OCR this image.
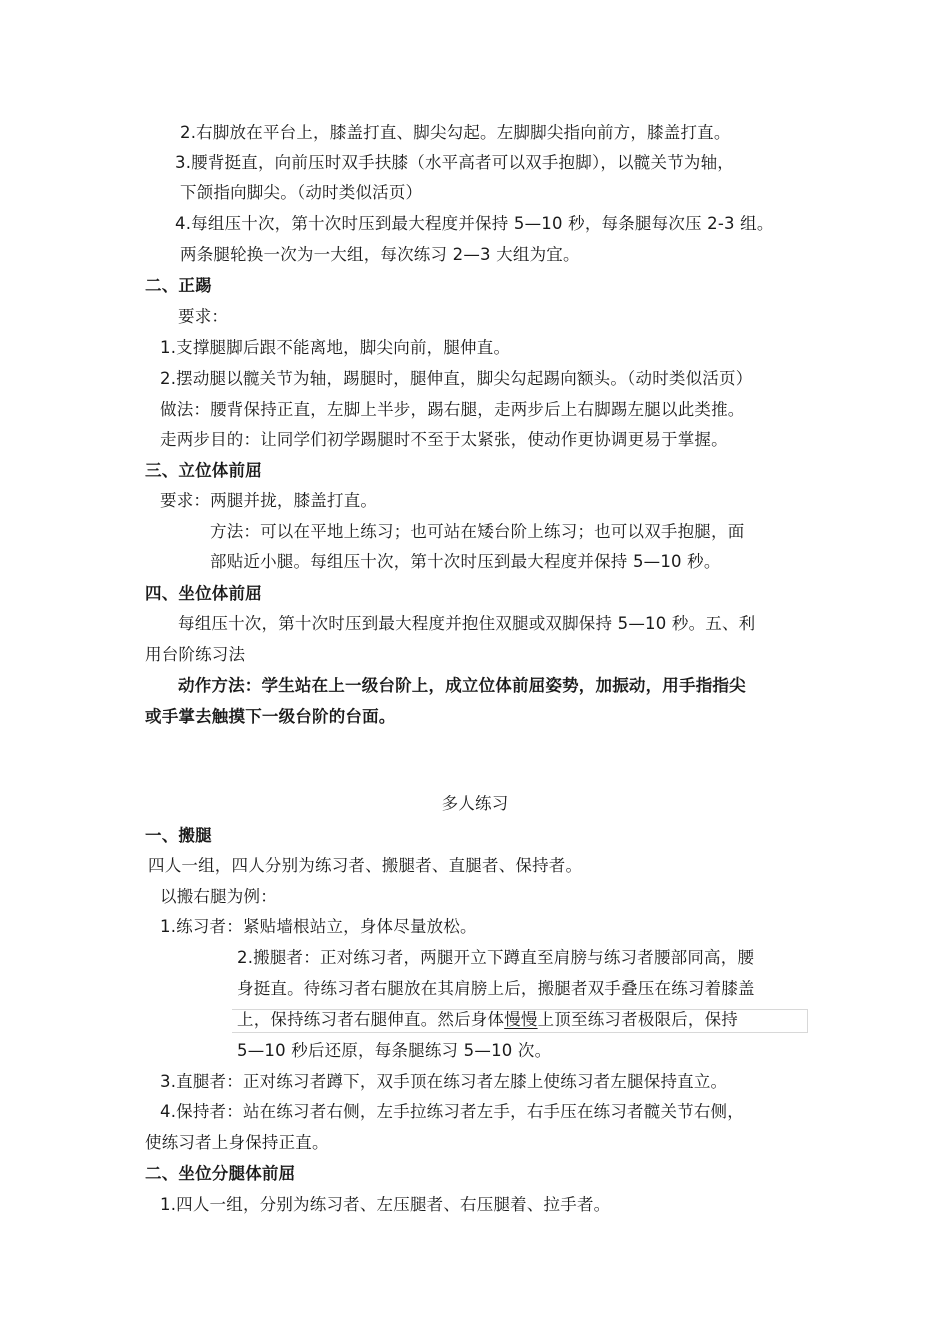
2.右脚放在平台上，膝盖打直、脚尖勾起。左脚脚尖指向前方，膝盖打直。
3.腰背挺直，向前压时双手扶膝（水平高者可以双手抱脚），以髋关节为轴，
下颌指向脚尖。（动时类似活页）
4.每组压十次，第十次时压到最大程度并保持 5—10 秒，每条腿每次压 2-3 组。
两条腿轮换一次为一大组，每次练习 2—3 大组为宜。
二、正踢
要求：
1.支撑腿脚后跟不能离地，脚尖向前，腿伸直。
2.摆动腿以髋关节为轴，踢腿时，腿伸直，脚尖勾起踢向额头。（动时类似活页）
做法：腰背保持正直，左脚上半步，踢右腿，走两步后上右脚踢左腿以此类推。
走两步目的：让同学们初学踢腿时不至于太紧张，使动作更协调更易于掌握。
三、立位体前屈
要求：两腿并拢，膝盖打直。
方法：可以在平地上练习；也可站在矮台阶上练习；也可以双手抱腿，面
部贴近小腿。每组压十次，第十次时压到最大程度并保持 5—10 秒。
四、坐位体前屈
每组压十次，第十次时压到最大程度并抱住双腿或双脚保持 5—10 秒。五、利
用台阶练习法
动作方法：学生站在上一级台阶上，成立位体前屈姿势，加振动，用手指指尖
或手掌去触摸下一级台阶的台面。
多人练习
一、搬腿
四人一组，四人分别为练习者、搬腿者、直腿者、保持者。
以搬右腿为例：
1.练习者：紧贴墙根站立，身体尽量放松。
2.搬腿者：正对练习者，两腿开立下蹲直至肩膀与练习者腰部同高，腰
身挺直。待练习者右腿放在其肩膀上后，搬腿者双手叠压在练习着膝盖
上，保持练习者右腿伸直。然后身体慢慢上顶至练习者极限后，保持
5—10 秒后还原，每条腿练习 5—10 次。
3.直腿者：正对练习者蹲下，双手顶在练习者左膝上使练习者左腿保持直立。
4.保持者：站在练习者右侧，左手拉练习者左手，右手压在练习者髋关节右侧，
使练习者上身保持正直。
二、坐位分腿体前屈
1.四人一组，分别为练习者、左压腿者、右压腿着、拉手者。
